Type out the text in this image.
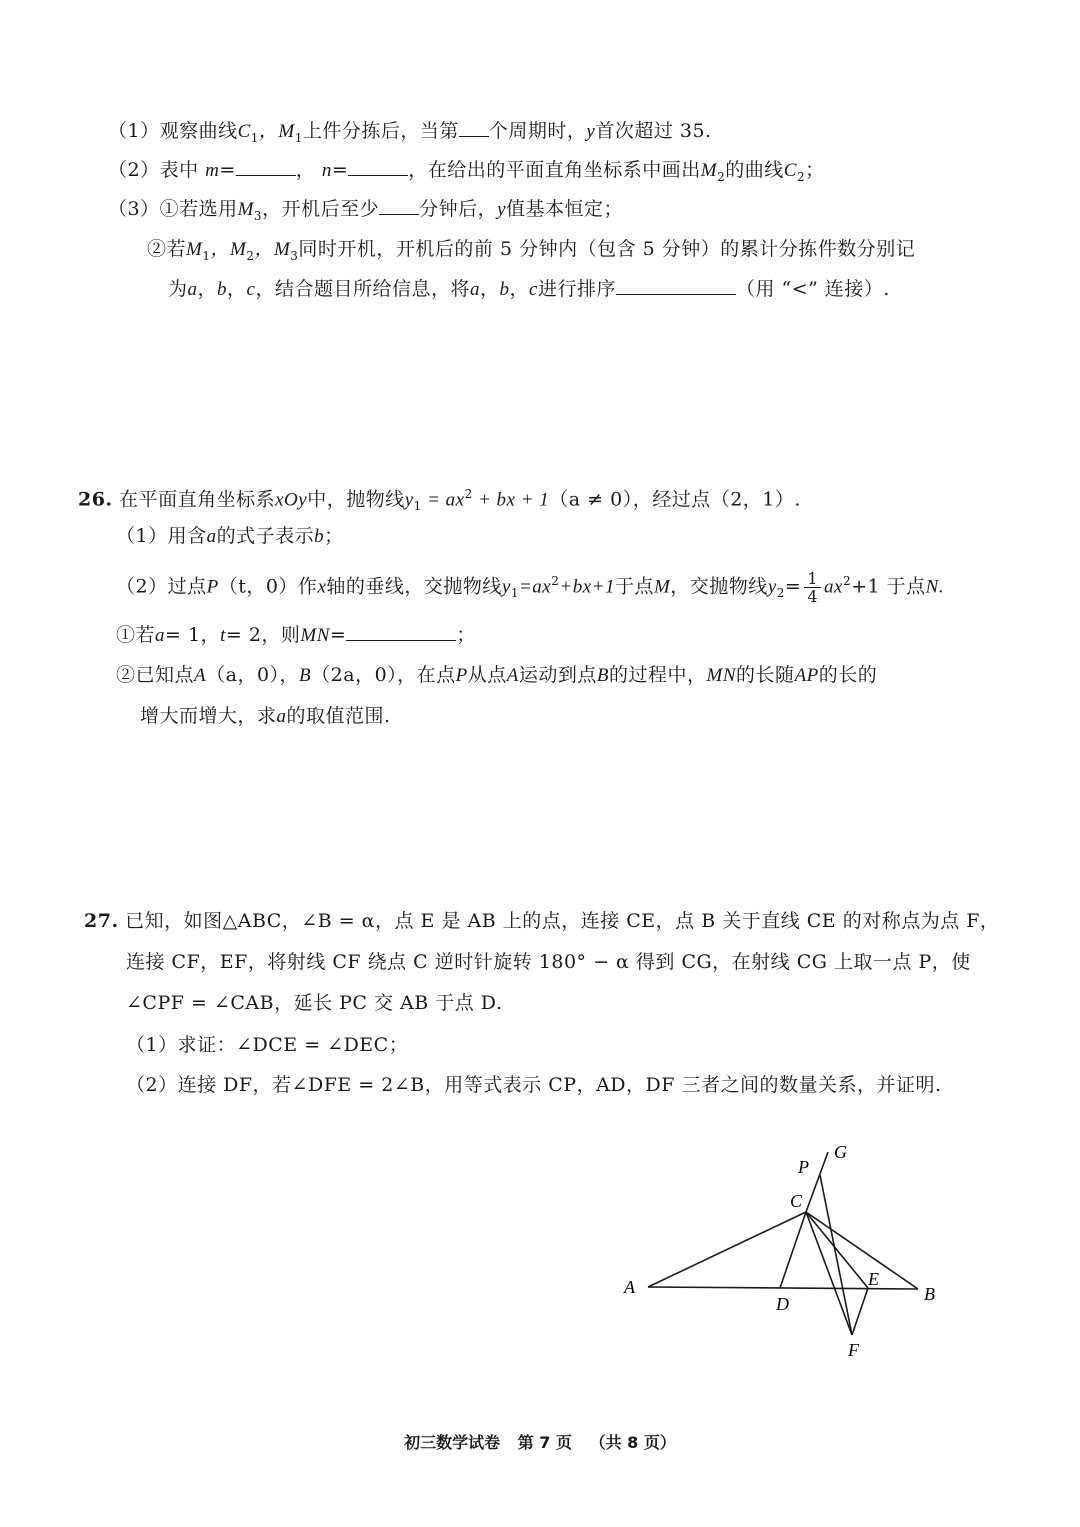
（1）观察曲线$C_1$，$M_1$上件分拣后，当第 个周期时，y首次超过 35.
（2）表中 m=	， n=	，在给出的平面直角坐标系中画出$M_2$的曲线$C_2$；
（3）①若选用$M_3$，开机后至少 分钟后，y值基本恒定；
②若$M_1$，$M_2$，$M_3$同时开机，开机后的前 5 分钟内（包含 5 分钟）的累计分拣件数分别记
为a，b，c，结合题目所给信息，将a，b，c进行排序	（用 “<” 连接）.
26. 在平面直角坐标系xOy中，抛物线$y_1 = ax^2$ + bx + 1（a ≠ 0），经过点（2，1）.
（1）用含a的式子表示b；
（2）过点P（t，0）作x轴的垂线，交抛物线$y_1=ax^2+bx+1$于点M，交抛物线$y_2= \frac{1}{4} ax^2+1$ 于点N.
①若a= 1，t= 2，则MN=	；
②已知点A（a，0），B（2a，0），在点P从点A运动到点B的过程中，MN的长随AP的长的
增大而增大，求a的取值范围.
27. 已知，如图△ABC，∠B = α，点 E 是 AB 上的点，连接 CE，点 B 关于直线 CE 的对称点为点 F，
连接 CF，EF，将射线 CF 绕点 C 逆时针旋转 180° − α 得到 CG，在射线 CG 上取一点 P，使
∠CPF = ∠CAB，延长 PC 交 AB 于点 D.
（1）求证：∠DCE = ∠DEC；
（2）连接 DF，若∠DFE = 2∠B，用等式表示 CP，AD，DF 三者之间的数量关系，并证明.
A	B
C
D
E
F
G
P
初三数学试卷 第 7 页 （共 8 页）
